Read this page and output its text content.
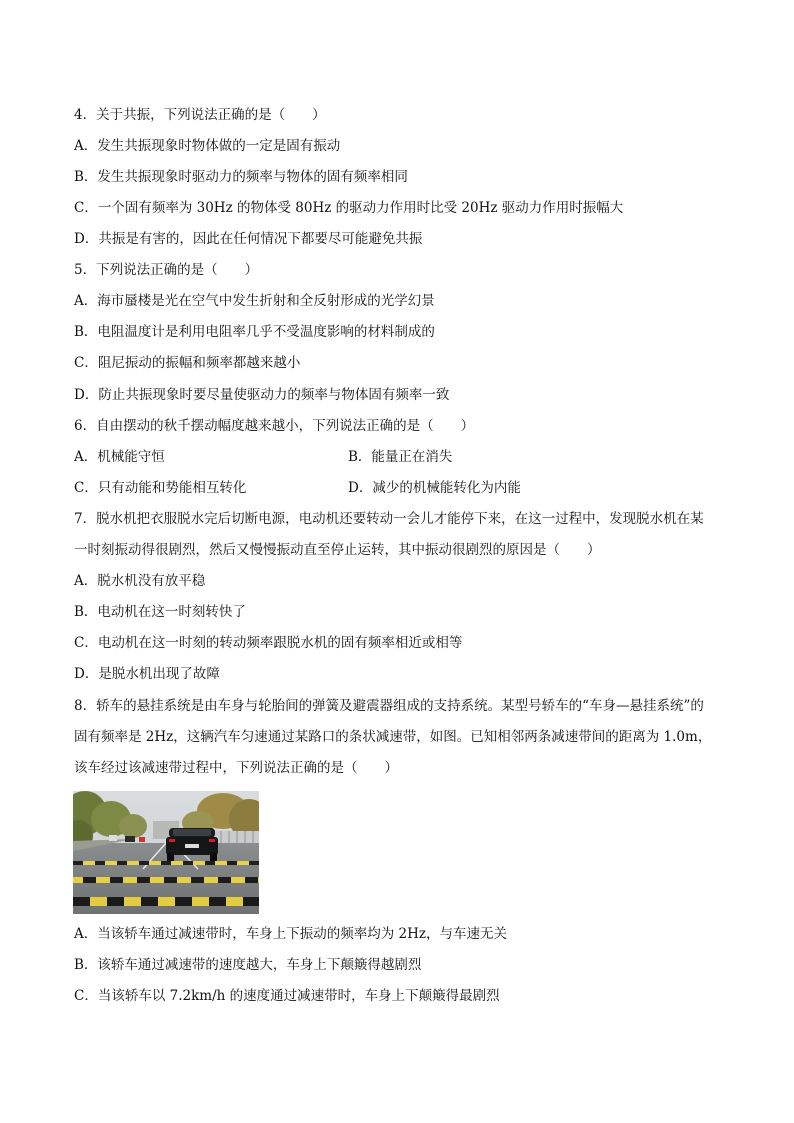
4．关于共振，下列说法正确的是（　　）
A．发生共振现象时物体做的一定是固有振动
B．发生共振现象时驱动力的频率与物体的固有频率相同
C．一个固有频率为 30Hz 的物体受 80Hz 的驱动力作用时比受 20Hz 驱动力作用时振幅大
D．共振是有害的，因此在任何情况下都要尽可能避免共振
5．下列说法正确的是（　　）
A．海市蜃楼是光在空气中发生折射和全反射形成的光学幻景
B．电阻温度计是利用电阻率几乎不受温度影响的材料制成的
C．阻尼振动的振幅和频率都越来越小
D．防止共振现象时要尽量使驱动力的频率与物体固有频率一致
6．自由摆动的秋千摆动幅度越来越小，下列说法正确的是（　　）
A．机械能守恒	B．能量正在消失
C．只有动能和势能相互转化	D．减少的机械能转化为内能
7．脱水机把衣服脱水完后切断电源，电动机还要转动一会儿才能停下来，在这一过程中，发现脱水机在某
一时刻振动得很剧烈，然后又慢慢振动直至停止运转，其中振动很剧烈的原因是（　　）
A．脱水机没有放平稳
B．电动机在这一时刻转快了
C．电动机在这一时刻的转动频率跟脱水机的固有频率相近或相等
D．是脱水机出现了故障
8．轿车的悬挂系统是由车身与轮胎间的弹簧及避震器组成的支持系统。某型号轿车的“车身—悬挂系统”的
固有频率是 2Hz，这辆汽车匀速通过某路口的条状减速带，如图。已知相邻两条减速带间的距离为 1.0m，
该车经过该减速带过程中，下列说法正确的是（　　）
A．当该轿车通过减速带时，车身上下振动的频率均为 2Hz，与车速无关
B．该轿车通过减速带的速度越大，车身上下颠簸得越剧烈
C．当该轿车以 7.2km/h 的速度通过减速带时，车身上下颠簸得最剧烈
